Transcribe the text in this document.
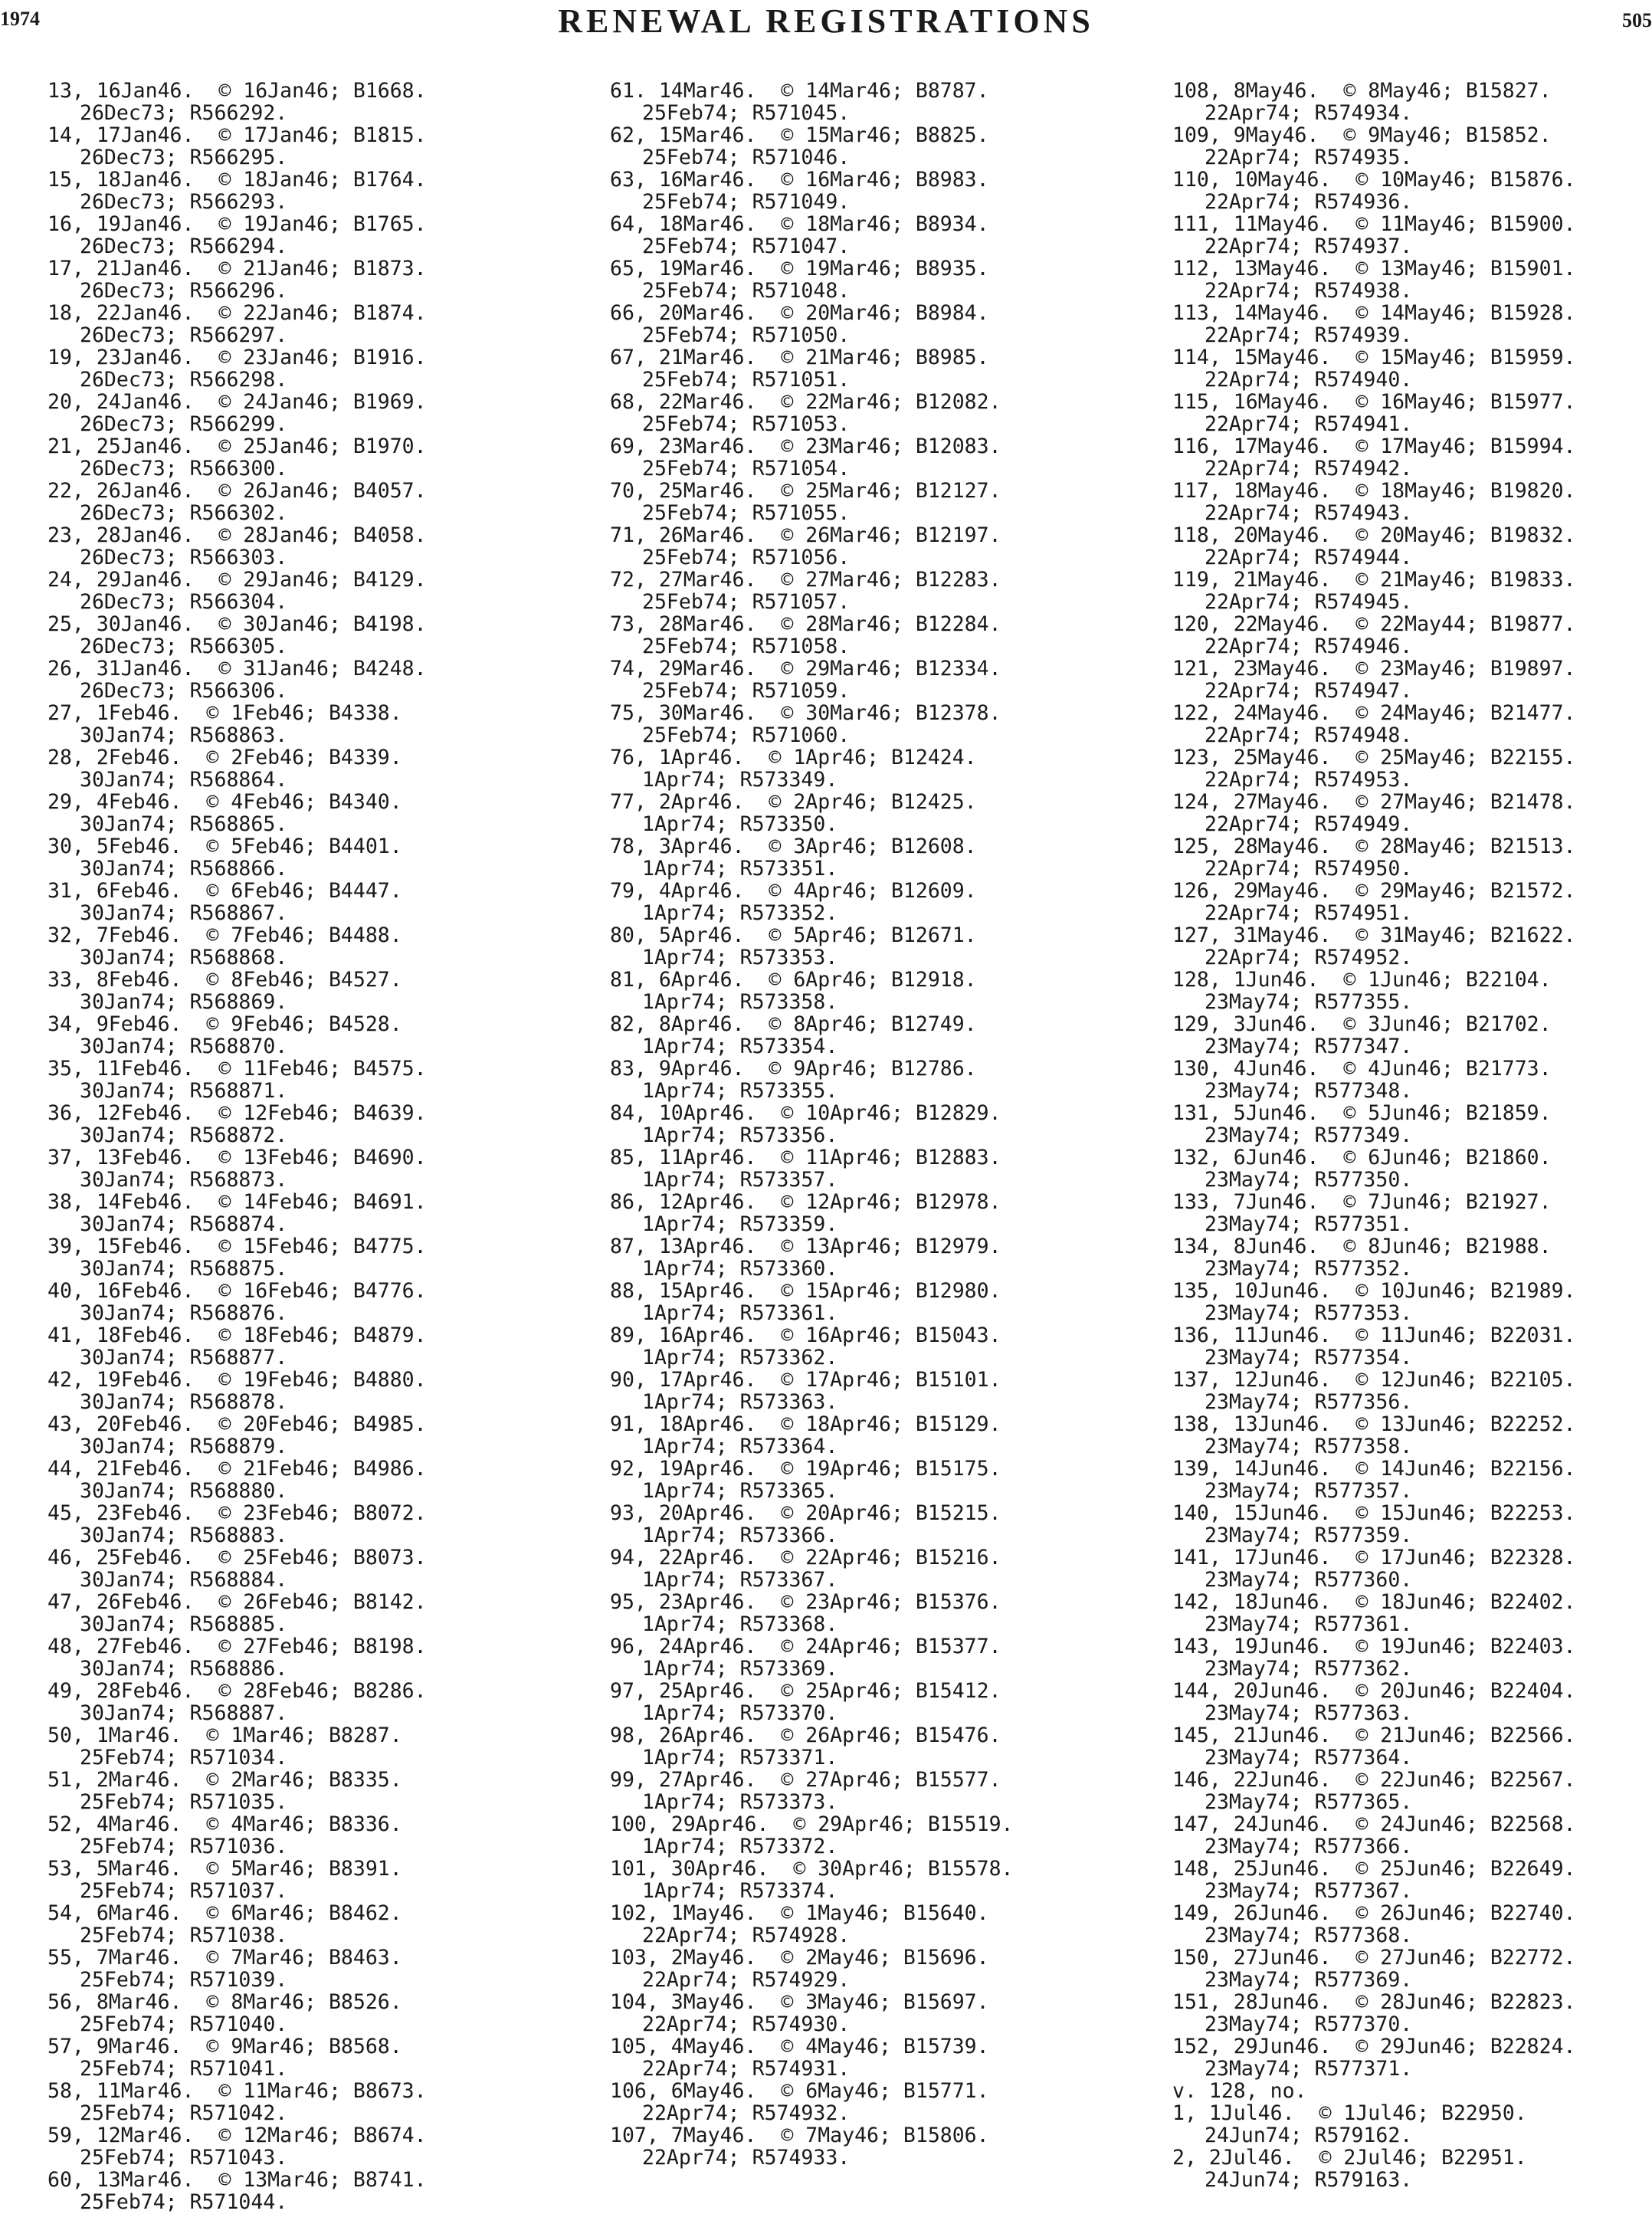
1974	RENEWAL REGISTRATIONS	505
13, 16Jan46.  © 16Jan46; B1668.
26Dec73; R566292.
14, 17Jan46.  © 17Jan46; B1815.
26Dec73; R566295.
15, 18Jan46.  © 18Jan46; B1764.
26Dec73; R566293.
16, 19Jan46.  © 19Jan46; B1765.
26Dec73; R566294.
17, 21Jan46.  © 21Jan46; B1873.
26Dec73; R566296.
18, 22Jan46.  © 22Jan46; B1874.
26Dec73; R566297.
19, 23Jan46.  © 23Jan46; B1916.
26Dec73; R566298.
20, 24Jan46.  © 24Jan46; B1969.
26Dec73; R566299.
21, 25Jan46.  © 25Jan46; B1970.
26Dec73; R566300.
22, 26Jan46.  © 26Jan46; B4057.
26Dec73; R566302.
23, 28Jan46.  © 28Jan46; B4058.
26Dec73; R566303.
24, 29Jan46.  © 29Jan46; B4129.
26Dec73; R566304.
25, 30Jan46.  © 30Jan46; B4198.
26Dec73; R566305.
26, 31Jan46.  © 31Jan46; B4248.
26Dec73; R566306.
27, 1Feb46.  © 1Feb46; B4338.
30Jan74; R568863.
28, 2Feb46.  © 2Feb46; B4339.
30Jan74; R568864.
29, 4Feb46.  © 4Feb46; B4340.
30Jan74; R568865.
30, 5Feb46.  © 5Feb46; B4401.
30Jan74; R568866.
31, 6Feb46.  © 6Feb46; B4447.
30Jan74; R568867.
32, 7Feb46.  © 7Feb46; B4488.
30Jan74; R568868.
33, 8Feb46.  © 8Feb46; B4527.
30Jan74; R568869.
34, 9Feb46.  © 9Feb46; B4528.
30Jan74; R568870.
35, 11Feb46.  © 11Feb46; B4575.
30Jan74; R568871.
36, 12Feb46.  © 12Feb46; B4639.
30Jan74; R568872.
37, 13Feb46.  © 13Feb46; B4690.
30Jan74; R568873.
38, 14Feb46.  © 14Feb46; B4691.
30Jan74; R568874.
39, 15Feb46.  © 15Feb46; B4775.
30Jan74; R568875.
40, 16Feb46.  © 16Feb46; B4776.
30Jan74; R568876.
41, 18Feb46.  © 18Feb46; B4879.
30Jan74; R568877.
42, 19Feb46.  © 19Feb46; B4880.
30Jan74; R568878.
43, 20Feb46.  © 20Feb46; B4985.
30Jan74; R568879.
44, 21Feb46.  © 21Feb46; B4986.
30Jan74; R568880.
45, 23Feb46.  © 23Feb46; B8072.
30Jan74; R568883.
46, 25Feb46.  © 25Feb46; B8073.
30Jan74; R568884.
47, 26Feb46.  © 26Feb46; B8142.
30Jan74; R568885.
48, 27Feb46.  © 27Feb46; B8198.
30Jan74; R568886.
49, 28Feb46.  © 28Feb46; B8286.
30Jan74; R568887.
50, 1Mar46.  © 1Mar46; B8287.
25Feb74; R571034.
51, 2Mar46.  © 2Mar46; B8335.
25Feb74; R571035.
52, 4Mar46.  © 4Mar46; B8336.
25Feb74; R571036.
53, 5Mar46.  © 5Mar46; B8391.
25Feb74; R571037.
54, 6Mar46.  © 6Mar46; B8462.
25Feb74; R571038.
55, 7Mar46.  © 7Mar46; B8463.
25Feb74; R571039.
56, 8Mar46.  © 8Mar46; B8526.
25Feb74; R571040.
57, 9Mar46.  © 9Mar46; B8568.
25Feb74; R571041.
58, 11Mar46.  © 11Mar46; B8673.
25Feb74; R571042.
59, 12Mar46.  © 12Mar46; B8674.
25Feb74; R571043.
60, 13Mar46.  © 13Mar46; B8741.
25Feb74; R571044.
61. 14Mar46.  © 14Mar46; B8787.
25Feb74; R571045.
62, 15Mar46.  © 15Mar46; B8825.
25Feb74; R571046.
63, 16Mar46.  © 16Mar46; B8983.
25Feb74; R571049.
64, 18Mar46.  © 18Mar46; B8934.
25Feb74; R571047.
65, 19Mar46.  © 19Mar46; B8935.
25Feb74; R571048.
66, 20Mar46.  © 20Mar46; B8984.
25Feb74; R571050.
67, 21Mar46.  © 21Mar46; B8985.
25Feb74; R571051.
68, 22Mar46.  © 22Mar46; B12082.
25Feb74; R571053.
69, 23Mar46.  © 23Mar46; B12083.
25Feb74; R571054.
70, 25Mar46.  © 25Mar46; B12127.
25Feb74; R571055.
71, 26Mar46.  © 26Mar46; B12197.
25Feb74; R571056.
72, 27Mar46.  © 27Mar46; B12283.
25Feb74; R571057.
73, 28Mar46.  © 28Mar46; B12284.
25Feb74; R571058.
74, 29Mar46.  © 29Mar46; B12334.
25Feb74; R571059.
75, 30Mar46.  © 30Mar46; B12378.
25Feb74; R571060.
76, 1Apr46.  © 1Apr46; B12424.
1Apr74; R573349.
77, 2Apr46.  © 2Apr46; B12425.
1Apr74; R573350.
78, 3Apr46.  © 3Apr46; B12608.
1Apr74; R573351.
79, 4Apr46.  © 4Apr46; B12609.
1Apr74; R573352.
80, 5Apr46.  © 5Apr46; B12671.
1Apr74; R573353.
81, 6Apr46.  © 6Apr46; B12918.
1Apr74; R573358.
82, 8Apr46.  © 8Apr46; B12749.
1Apr74; R573354.
83, 9Apr46.  © 9Apr46; B12786.
1Apr74; R573355.
84, 10Apr46.  © 10Apr46; B12829.
1Apr74; R573356.
85, 11Apr46.  © 11Apr46; B12883.
1Apr74; R573357.
86, 12Apr46.  © 12Apr46; B12978.
1Apr74; R573359.
87, 13Apr46.  © 13Apr46; B12979.
1Apr74; R573360.
88, 15Apr46.  © 15Apr46; B12980.
1Apr74; R573361.
89, 16Apr46.  © 16Apr46; B15043.
1Apr74; R573362.
90, 17Apr46.  © 17Apr46; B15101.
1Apr74; R573363.
91, 18Apr46.  © 18Apr46; B15129.
1Apr74; R573364.
92, 19Apr46.  © 19Apr46; B15175.
1Apr74; R573365.
93, 20Apr46.  © 20Apr46; B15215.
1Apr74; R573366.
94, 22Apr46.  © 22Apr46; B15216.
1Apr74; R573367.
95, 23Apr46.  © 23Apr46; B15376.
1Apr74; R573368.
96, 24Apr46.  © 24Apr46; B15377.
1Apr74; R573369.
97, 25Apr46.  © 25Apr46; B15412.
1Apr74; R573370.
98, 26Apr46.  © 26Apr46; B15476.
1Apr74; R573371.
99, 27Apr46.  © 27Apr46; B15577.
1Apr74; R573373.
100, 29Apr46.  © 29Apr46; B15519.
1Apr74; R573372.
101, 30Apr46.  © 30Apr46; B15578.
1Apr74; R573374.
102, 1May46.  © 1May46; B15640.
22Apr74; R574928.
103, 2May46.  © 2May46; B15696.
22Apr74; R574929.
104, 3May46.  © 3May46; B15697.
22Apr74; R574930.
105, 4May46.  © 4May46; B15739.
22Apr74; R574931.
106, 6May46.  © 6May46; B15771.
22Apr74; R574932.
107, 7May46.  © 7May46; B15806.
22Apr74; R574933.
108, 8May46.  © 8May46; B15827.
22Apr74; R574934.
109, 9May46.  © 9May46; B15852.
22Apr74; R574935.
110, 10May46.  © 10May46; B15876.
22Apr74; R574936.
111, 11May46.  © 11May46; B15900.
22Apr74; R574937.
112, 13May46.  © 13May46; B15901.
22Apr74; R574938.
113, 14May46.  © 14May46; B15928.
22Apr74; R574939.
114, 15May46.  © 15May46; B15959.
22Apr74; R574940.
115, 16May46.  © 16May46; B15977.
22Apr74; R574941.
116, 17May46.  © 17May46; B15994.
22Apr74; R574942.
117, 18May46.  © 18May46; B19820.
22Apr74; R574943.
118, 20May46.  © 20May46; B19832.
22Apr74; R574944.
119, 21May46.  © 21May46; B19833.
22Apr74; R574945.
120, 22May46.  © 22May44; B19877.
22Apr74; R574946.
121, 23May46.  © 23May46; B19897.
22Apr74; R574947.
122, 24May46.  © 24May46; B21477.
22Apr74; R574948.
123, 25May46.  © 25May46; B22155.
22Apr74; R574953.
124, 27May46.  © 27May46; B21478.
22Apr74; R574949.
125, 28May46.  © 28May46; B21513.
22Apr74; R574950.
126, 29May46.  © 29May46; B21572.
22Apr74; R574951.
127, 31May46.  © 31May46; B21622.
22Apr74; R574952.
128, 1Jun46.  © 1Jun46; B22104.
23May74; R577355.
129, 3Jun46.  © 3Jun46; B21702.
23May74; R577347.
130, 4Jun46.  © 4Jun46; B21773.
23May74; R577348.
131, 5Jun46.  © 5Jun46; B21859.
23May74; R577349.
132, 6Jun46.  © 6Jun46; B21860.
23May74; R577350.
133, 7Jun46.  © 7Jun46; B21927.
23May74; R577351.
134, 8Jun46.  © 8Jun46; B21988.
23May74; R577352.
135, 10Jun46.  © 10Jun46; B21989.
23May74; R577353.
136, 11Jun46.  © 11Jun46; B22031.
23May74; R577354.
137, 12Jun46.  © 12Jun46; B22105.
23May74; R577356.
138, 13Jun46.  © 13Jun46; B22252.
23May74; R577358.
139, 14Jun46.  © 14Jun46; B22156.
23May74; R577357.
140, 15Jun46.  © 15Jun46; B22253.
23May74; R577359.
141, 17Jun46.  © 17Jun46; B22328.
23May74; R577360.
142, 18Jun46.  © 18Jun46; B22402.
23May74; R577361.
143, 19Jun46.  © 19Jun46; B22403.
23May74; R577362.
144, 20Jun46.  © 20Jun46; B22404.
23May74; R577363.
145, 21Jun46.  © 21Jun46; B22566.
23May74; R577364.
146, 22Jun46.  © 22Jun46; B22567.
23May74; R577365.
147, 24Jun46.  © 24Jun46; B22568.
23May74; R577366.
148, 25Jun46.  © 25Jun46; B22649.
23May74; R577367.
149, 26Jun46.  © 26Jun46; B22740.
23May74; R577368.
150, 27Jun46.  © 27Jun46; B22772.
23May74; R577369.
151, 28Jun46.  © 28Jun46; B22823.
23May74; R577370.
152, 29Jun46.  © 29Jun46; B22824.
23May74; R577371.
v. 128, no.
1, 1Jul46.  © 1Jul46; B22950.
24Jun74; R579162.
2, 2Jul46.  © 2Jul46; B22951.
24Jun74; R579163.
